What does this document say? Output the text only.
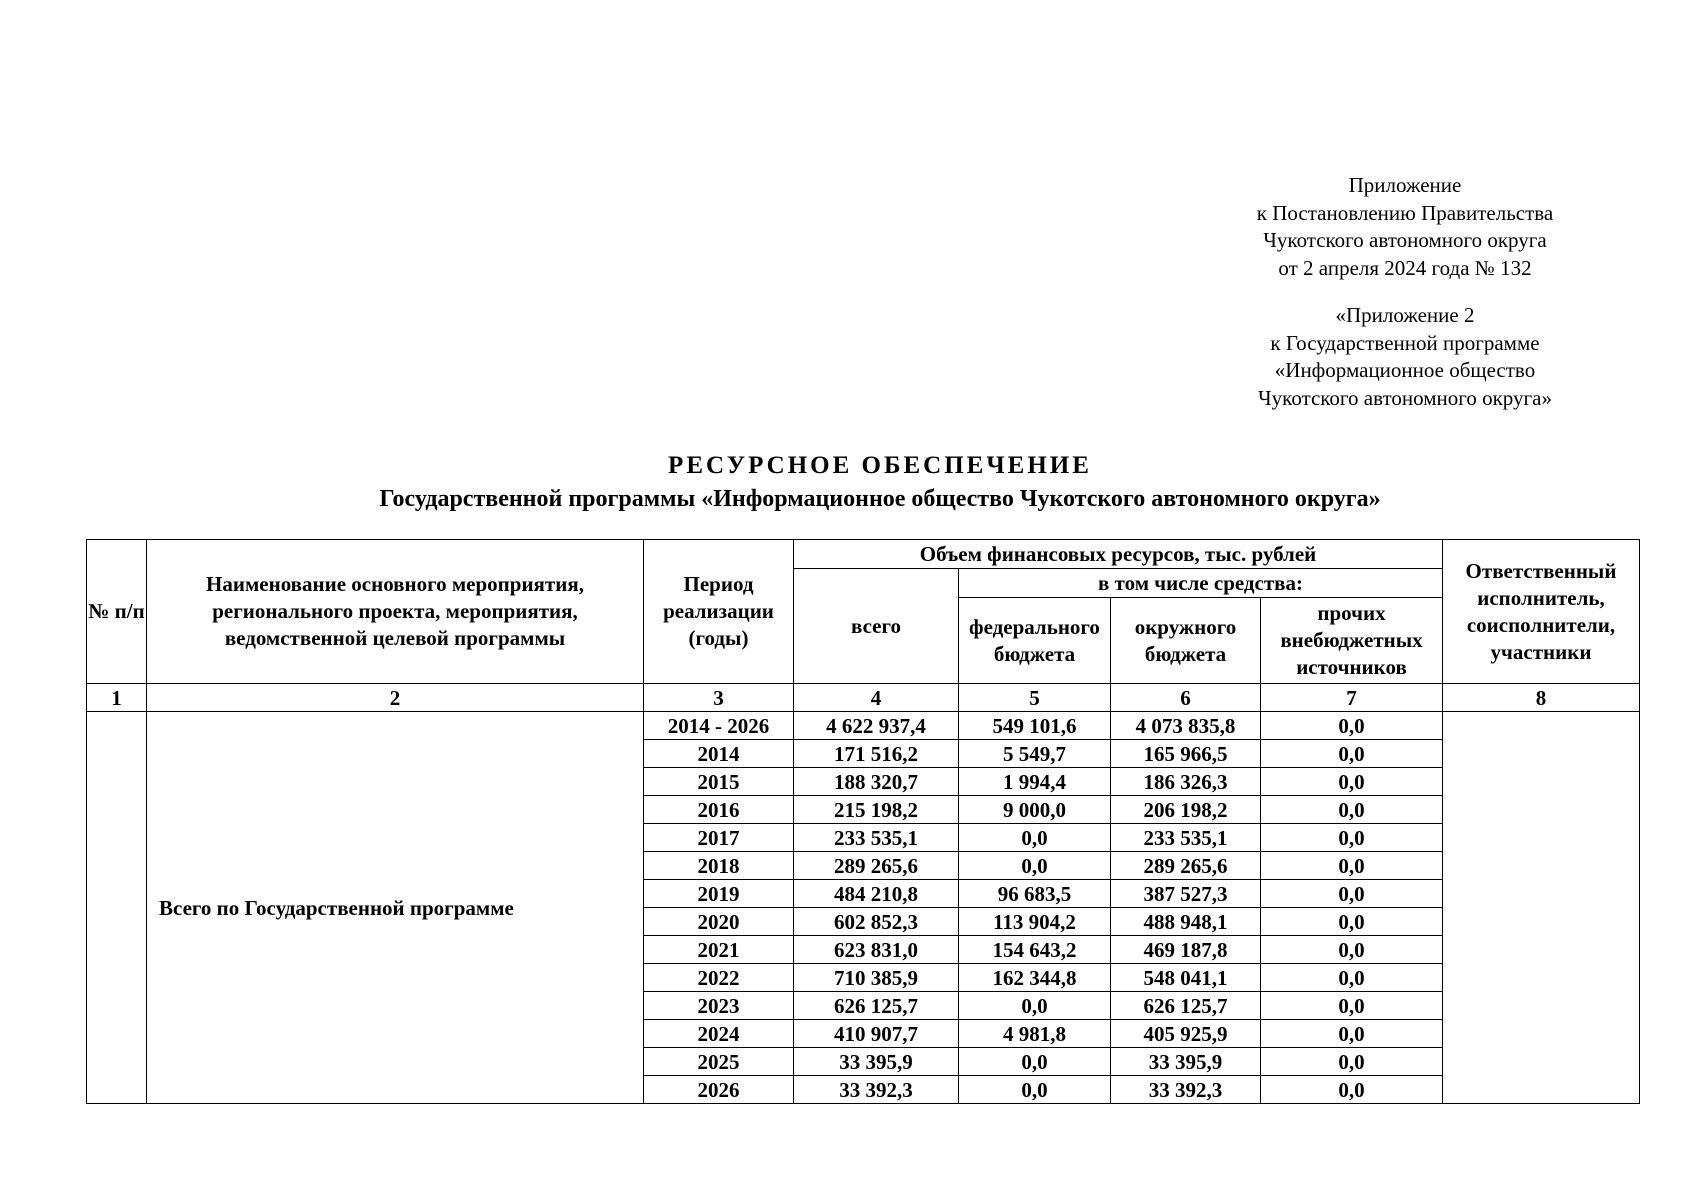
Приложение
к Постановлению Правительства
Чукотского автономного округа
от 2 апреля 2024 года № 132
«Приложение 2
к Государственной программе
«Информационное общество
Чукотского автономного округа»
РЕСУРСНОЕ ОБЕСПЕЧЕНИЕ
Государственной программы «Информационное общество Чукотского автономного округа»
№ п/п	Наименование основного мероприятия, регионального проекта, мероприятия, ведомственной целевой программы	Период реализации (годы)	Объем финансовых ресурсов, тыс. рублей				Ответственный исполнитель, соисполнители, участники
			всего	в том числе средства:			
				федерального бюджета	окружного бюджета	прочих внебюджетных источников	
1	2	3	4	5	6	7	8
	Всего по Государственной программе	2014 - 2026	4 622 937,4	549 101,6	4 073 835,8	0,0	
		2014	171 516,2	5 549,7	165 966,5	0,0	
		2015	188 320,7	1 994,4	186 326,3	0,0	
		2016	215 198,2	9 000,0	206 198,2	0,0	
		2017	233 535,1	0,0	233 535,1	0,0	
		2018	289 265,6	0,0	289 265,6	0,0	
		2019	484 210,8	96 683,5	387 527,3	0,0	
		2020	602 852,3	113 904,2	488 948,1	0,0	
		2021	623 831,0	154 643,2	469 187,8	0,0	
		2022	710 385,9	162 344,8	548 041,1	0,0	
		2023	626 125,7	0,0	626 125,7	0,0	
		2024	410 907,7	4 981,8	405 925,9	0,0	
		2025	33 395,9	0,0	33 395,9	0,0	
		2026	33 392,3	0,0	33 392,3	0,0	
